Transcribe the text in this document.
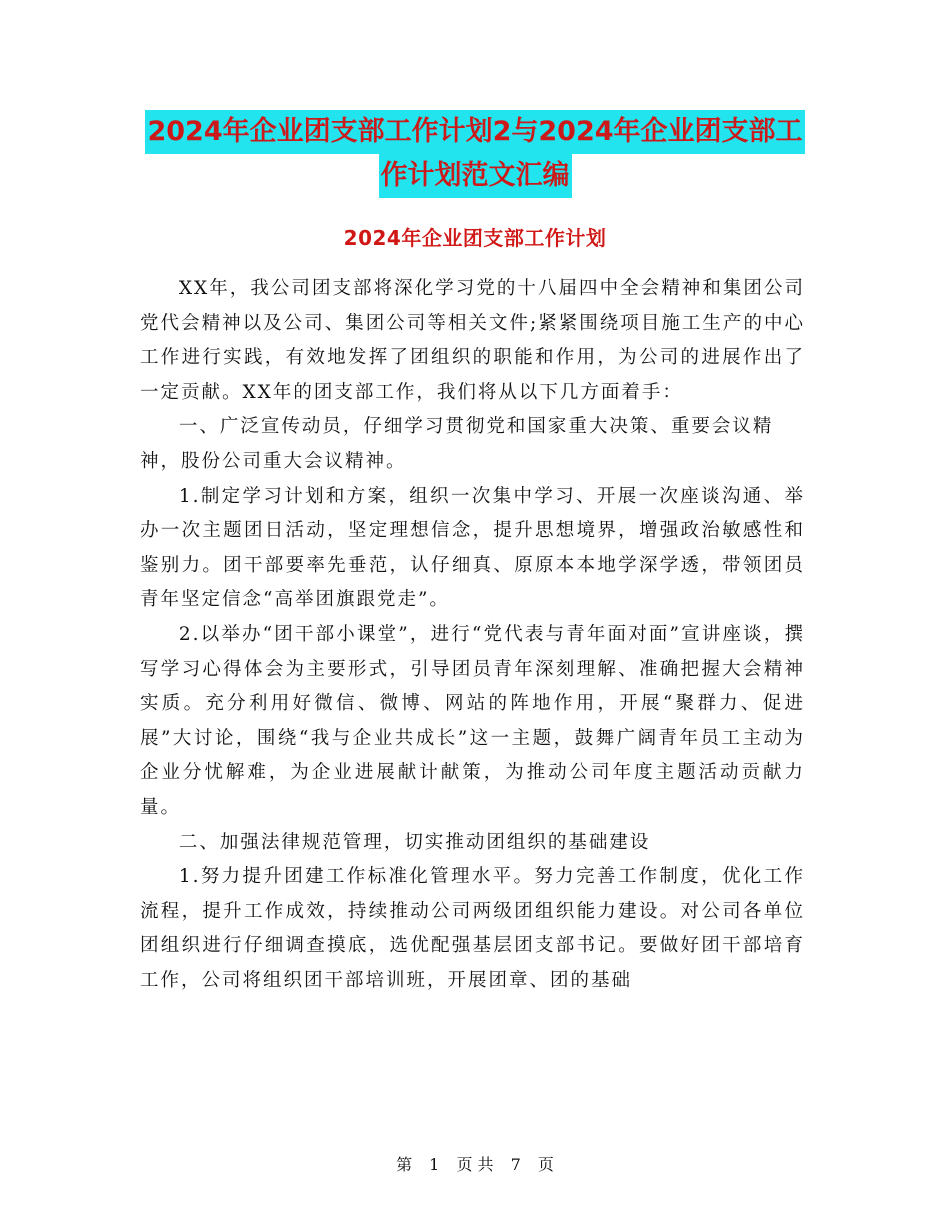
2024年企业团支部工作计划2与2024年企业团支部工
作计划范文汇编
2024年企业团支部工作计划

XX年，我公司团支部将深化学习党的十八届四中全会精神和集团公司党代会精神以及公司、集团公司等相关文件;紧紧围绕项目施工生产的中心工作进行实践，有效地发挥了团组织的职能和作用，为公司的进展作出了一定贡献。XX年的团支部工作，我们将从以下几方面着手：

一、广泛宣传动员，仔细学习贯彻党和国家重大决策、重要会议精神，股份公司重大会议精神。

1.制定学习计划和方案，组织一次集中学习、开展一次座谈沟通、举办一次主题团日活动，坚定理想信念，提升思想境界，增强政治敏感性和鉴别力。团干部要率先垂范，认仔细真、原原本本地学深学透，带领团员青年坚定信念“高举团旗跟党走”。

2.以举办“团干部小课堂”，进行“党代表与青年面对面”宣讲座谈，撰写学习心得体会为主要形式，引导团员青年深刻理解、准确把握大会精神实质。充分利用好微信、微博、网站的阵地作用，开展“聚群力、促进展”大讨论，围绕“我与企业共成长”这一主题，鼓舞广阔青年员工主动为企业分忧解难，为企业进展献计献策，为推动公司年度主题活动贡献力量。

二、加强法律规范管理，切实推动团组织的基础建设

1.努力提升团建工作标准化管理水平。努力完善工作制度，优化工作流程，提升工作成效，持续推动公司两级团组织能力建设。对公司各单位团组织进行仔细调查摸底，选优配强基层团支部书记。要做好团干部培育工作，公司将组织团干部培训班，开展团章、团的基础

第 1 页 共 7 页
